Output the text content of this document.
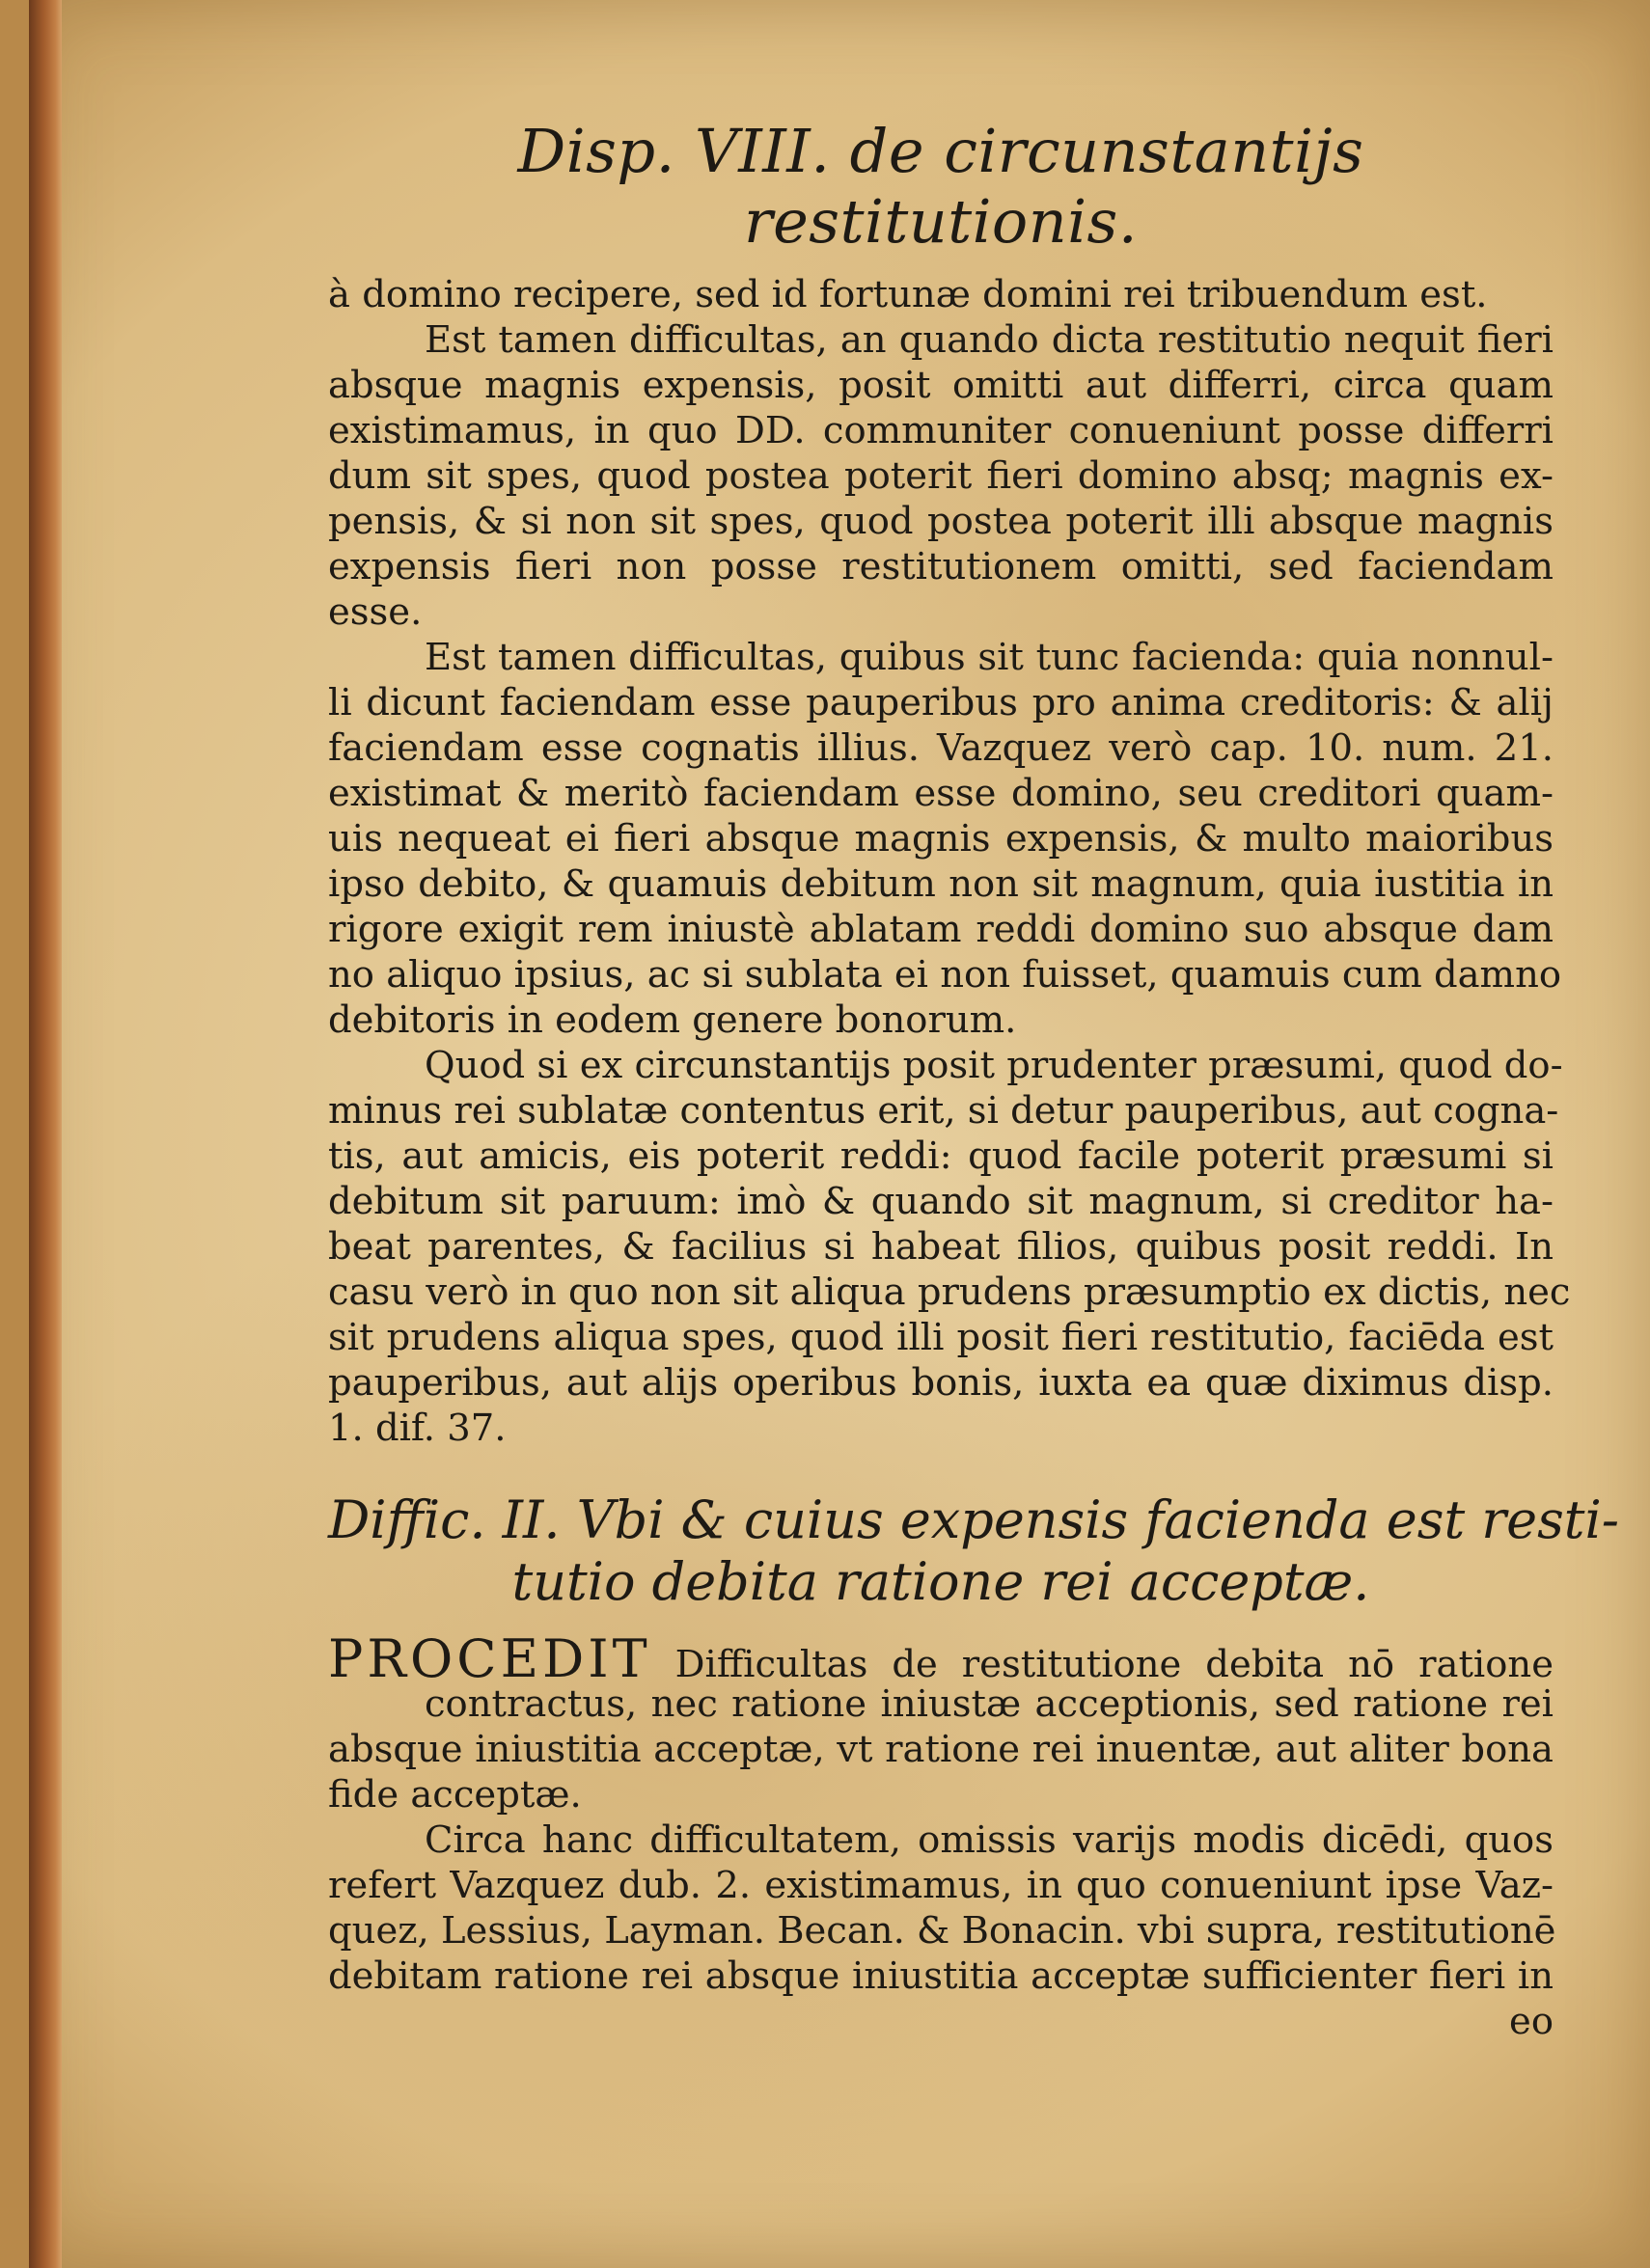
Disp. VIII. de circunstantijs restitutionis.

à domino recipere, sed id fortunæ domini rei tribuendum est.

Est tamen difficultas, an quando dicta restitutio nequit fieri

absque magnis expensis, posit omitti aut differri, circa quam

existimamus, in quo DD. communiter conueniunt posse differri

dum sit spes, quod postea poterit fieri domino absq; magnis ex-

pensis, & si non sit spes, quod postea poterit illi absque magnis

expensis fieri non posse restitutionem omitti, sed faciendam

esse.

Est tamen difficultas, quibus sit tunc facienda: quia nonnul-

li dicunt faciendam esse pauperibus pro anima creditoris: & alij

faciendam esse cognatis illius. Vazquez verò cap. 10. num. 21.

existimat & meritò faciendam esse domino, seu creditori quam-

uis nequeat ei fieri absque magnis expensis, & multo maioribus

ipso debito, & quamuis debitum non sit magnum, quia iustitia in

rigore exigit rem iniustè ablatam reddi domino suo absque dam

no aliquo ipsius, ac si sublata ei non fuisset, quamuis cum damno

debitoris in eodem genere bonorum.

Quod si ex circunstantijs posit prudenter præsumi, quod do-

minus rei sublatæ contentus erit, si detur pauperibus, aut cogna-

tis, aut amicis, eis poterit reddi: quod facile poterit præsumi si

debitum sit paruum: imò & quando sit magnum, si creditor ha-

beat parentes, & facilius si habeat filios, quibus posit reddi. In

casu verò in quo non sit aliqua prudens præsumptio ex dictis, nec

sit prudens aliqua spes, quod illi posit fieri restitutio, faciēda est

pauperibus, aut alijs operibus bonis, iuxta ea quæ diximus disp.

1. dif. 37.

Diffic. II. Vbi & cuius expensis facienda est resti-

tutio debita ratione rei acceptæ.

PROCEDIT Difficultas de restitutione debita nō ratione

contractus, nec ratione iniustæ acceptionis, sed ratione rei

absque iniustitia acceptæ, vt ratione rei inuentæ, aut aliter bona

fide acceptæ.

Circa hanc difficultatem, omissis varijs modis dicēdi, quos

refert Vazquez dub. 2. existimamus, in quo conueniunt ipse Vaz-

quez, Lessius, Layman. Becan. & Bonacin. vbi supra, restitutionē

debitam ratione rei absque iniustitia acceptæ sufficienter fieri in

eo
